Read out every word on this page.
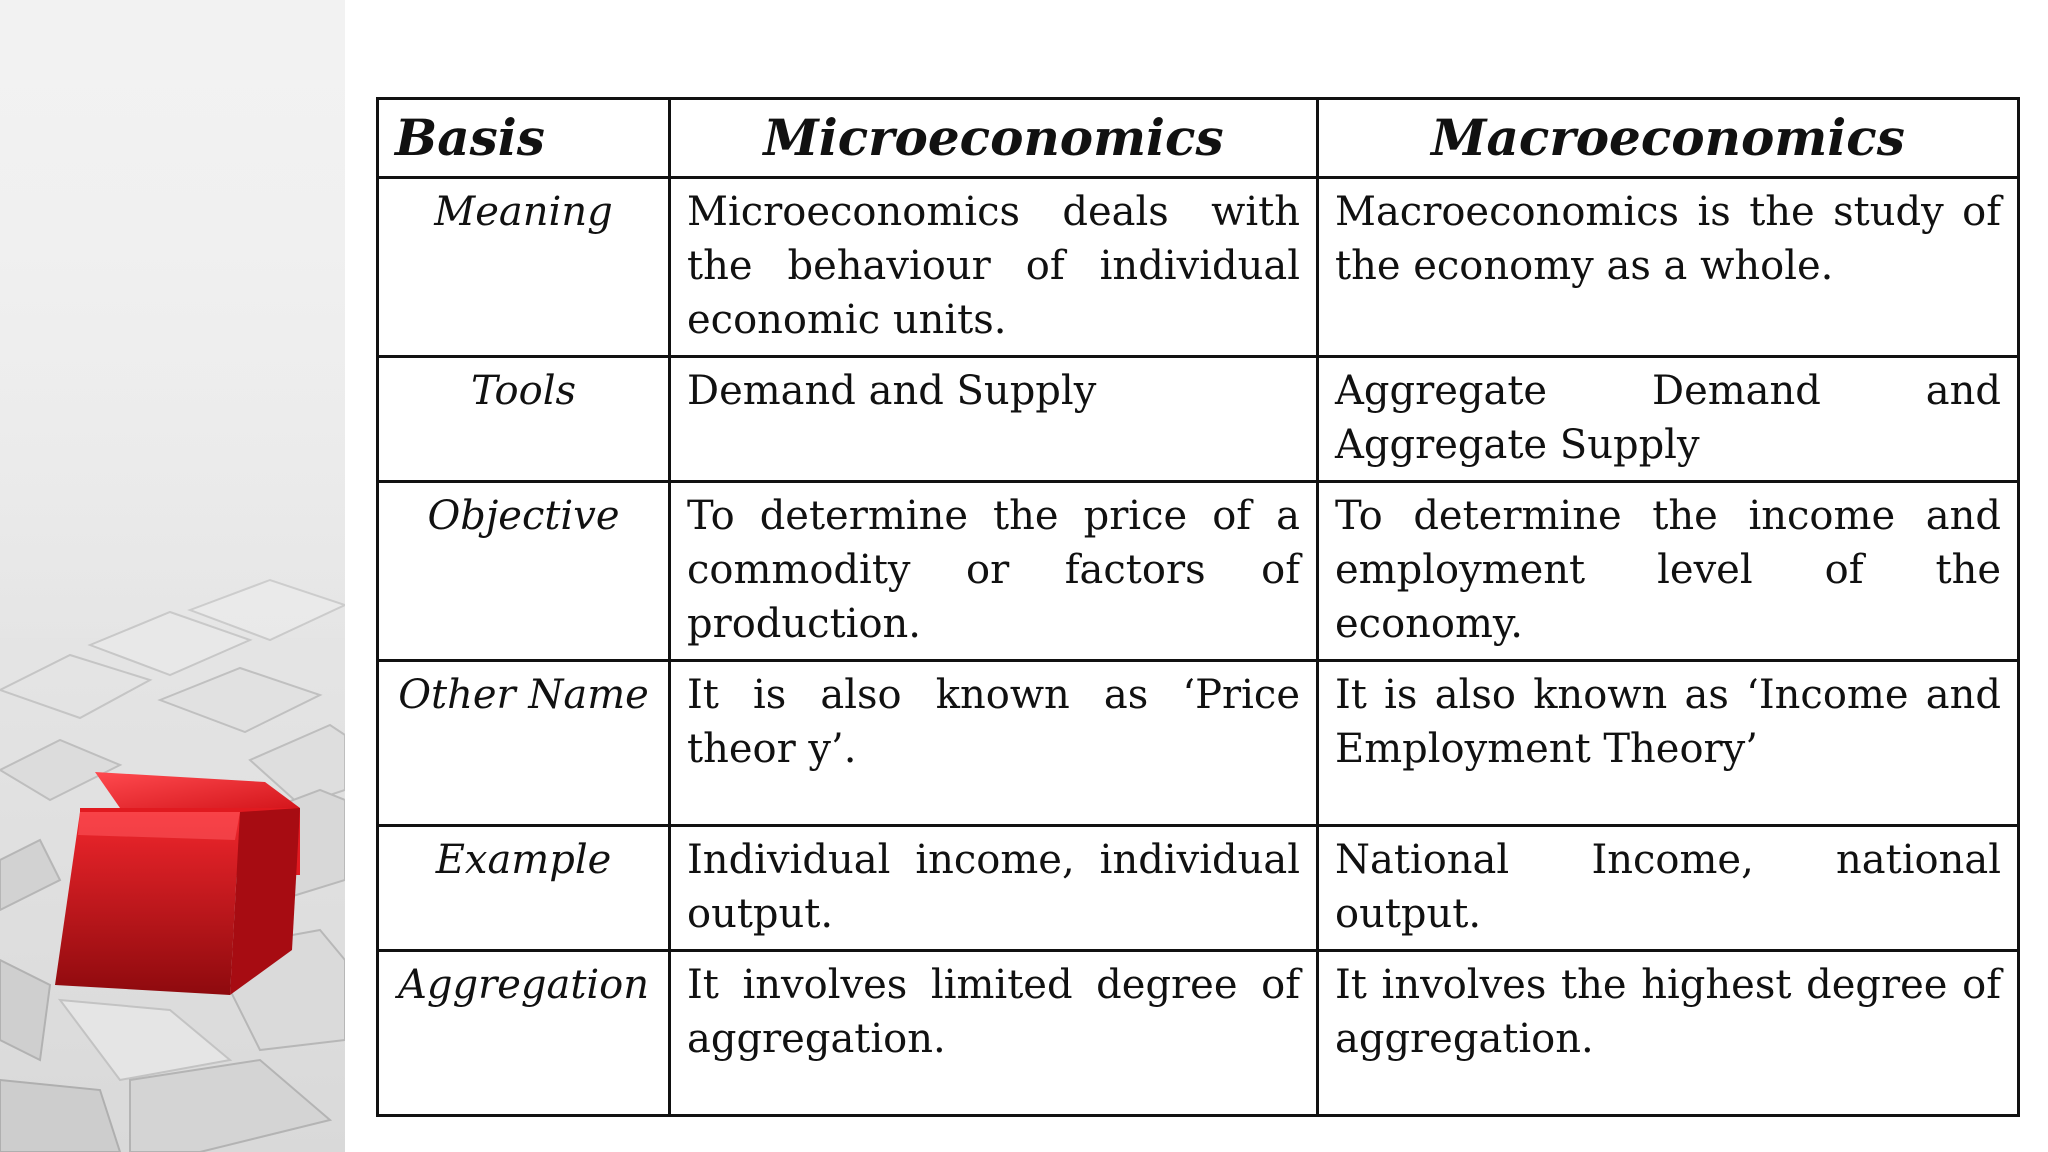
Basis	Microeconomics	Macroeconomics
Meaning	Microeconomics deals with the behaviour of individual economic units.	Macroeconomics is the study of the economy as a whole.
Tools	Demand and Supply	Aggregate Demand and Aggregate Supply
Objective	To determine the price of a commodity or factors of production.	To determine the income and employment level of the economy.
Other Name	It is also known as ‘Price theor y’.	It is also known as ‘Income and Employment Theory’
Example	Individual income, individual output.	National Income, national output.
Aggregation	It involves limited degree of aggregation.	It involves the highest degree of aggregation.
